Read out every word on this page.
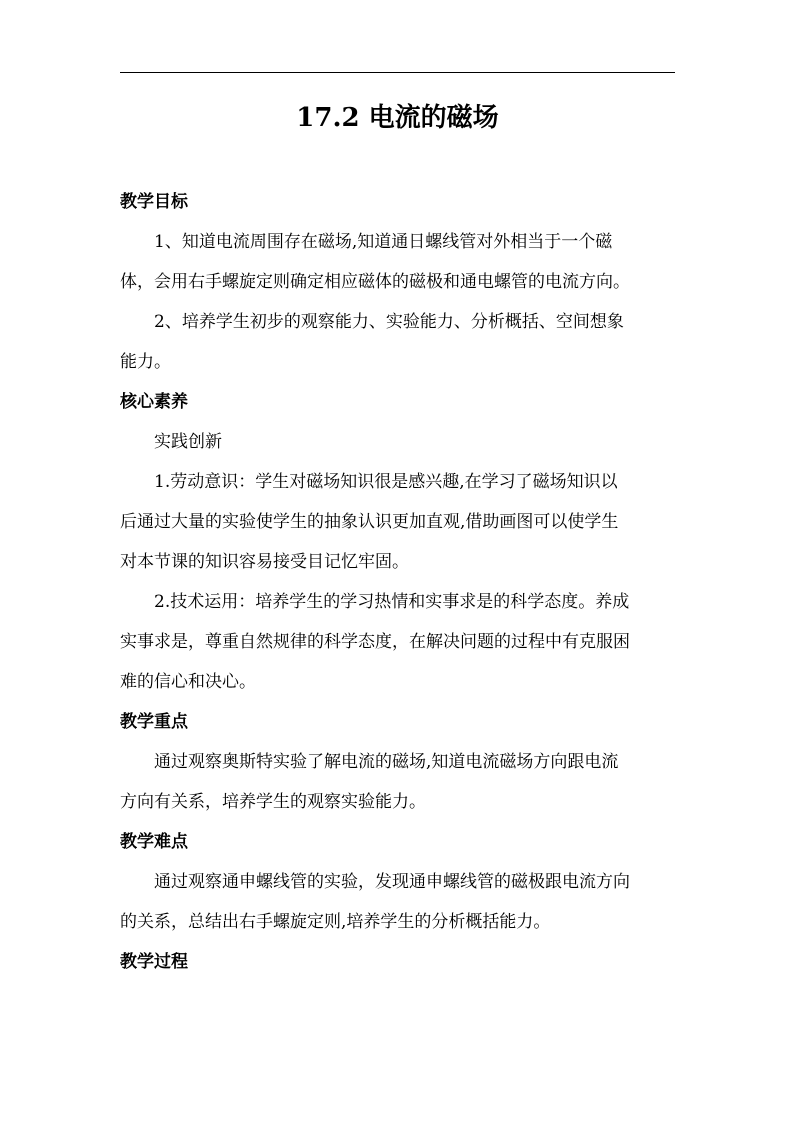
17.2 电流的磁场
教学目标

1、知道电流周围存在磁场,知道通日螺线管对外相当于一个磁
体，会用右手螺旋定则确定相应磁体的磁极和通电螺管的电流方向。

2、培养学生初步的观察能力、实验能力、分析概括、空间想象
能力。

核心素养

实践创新

1.劳动意识：学生对磁场知识很是感兴趣,在学习了磁场知识以
后通过大量的实验使学生的抽象认识更加直观,借助画图可以使学生
对本节课的知识容易接受目记忆牢固。

2.技术运用：培养学生的学习热情和实事求是的科学态度。养成
实事求是，尊重自然规律的科学态度，在解决问题的过程中有克服困
难的信心和决心。

教学重点

通过观察奥斯特实验了解电流的磁场,知道电流磁场方向跟电流
方向有关系，培养学生的观察实验能力。

教学难点

通过观察通申螺线管的实验，发现通申螺线管的磁极跟电流方向
的关系，总结出右手螺旋定则,培养学生的分析概括能力。

教学过程
